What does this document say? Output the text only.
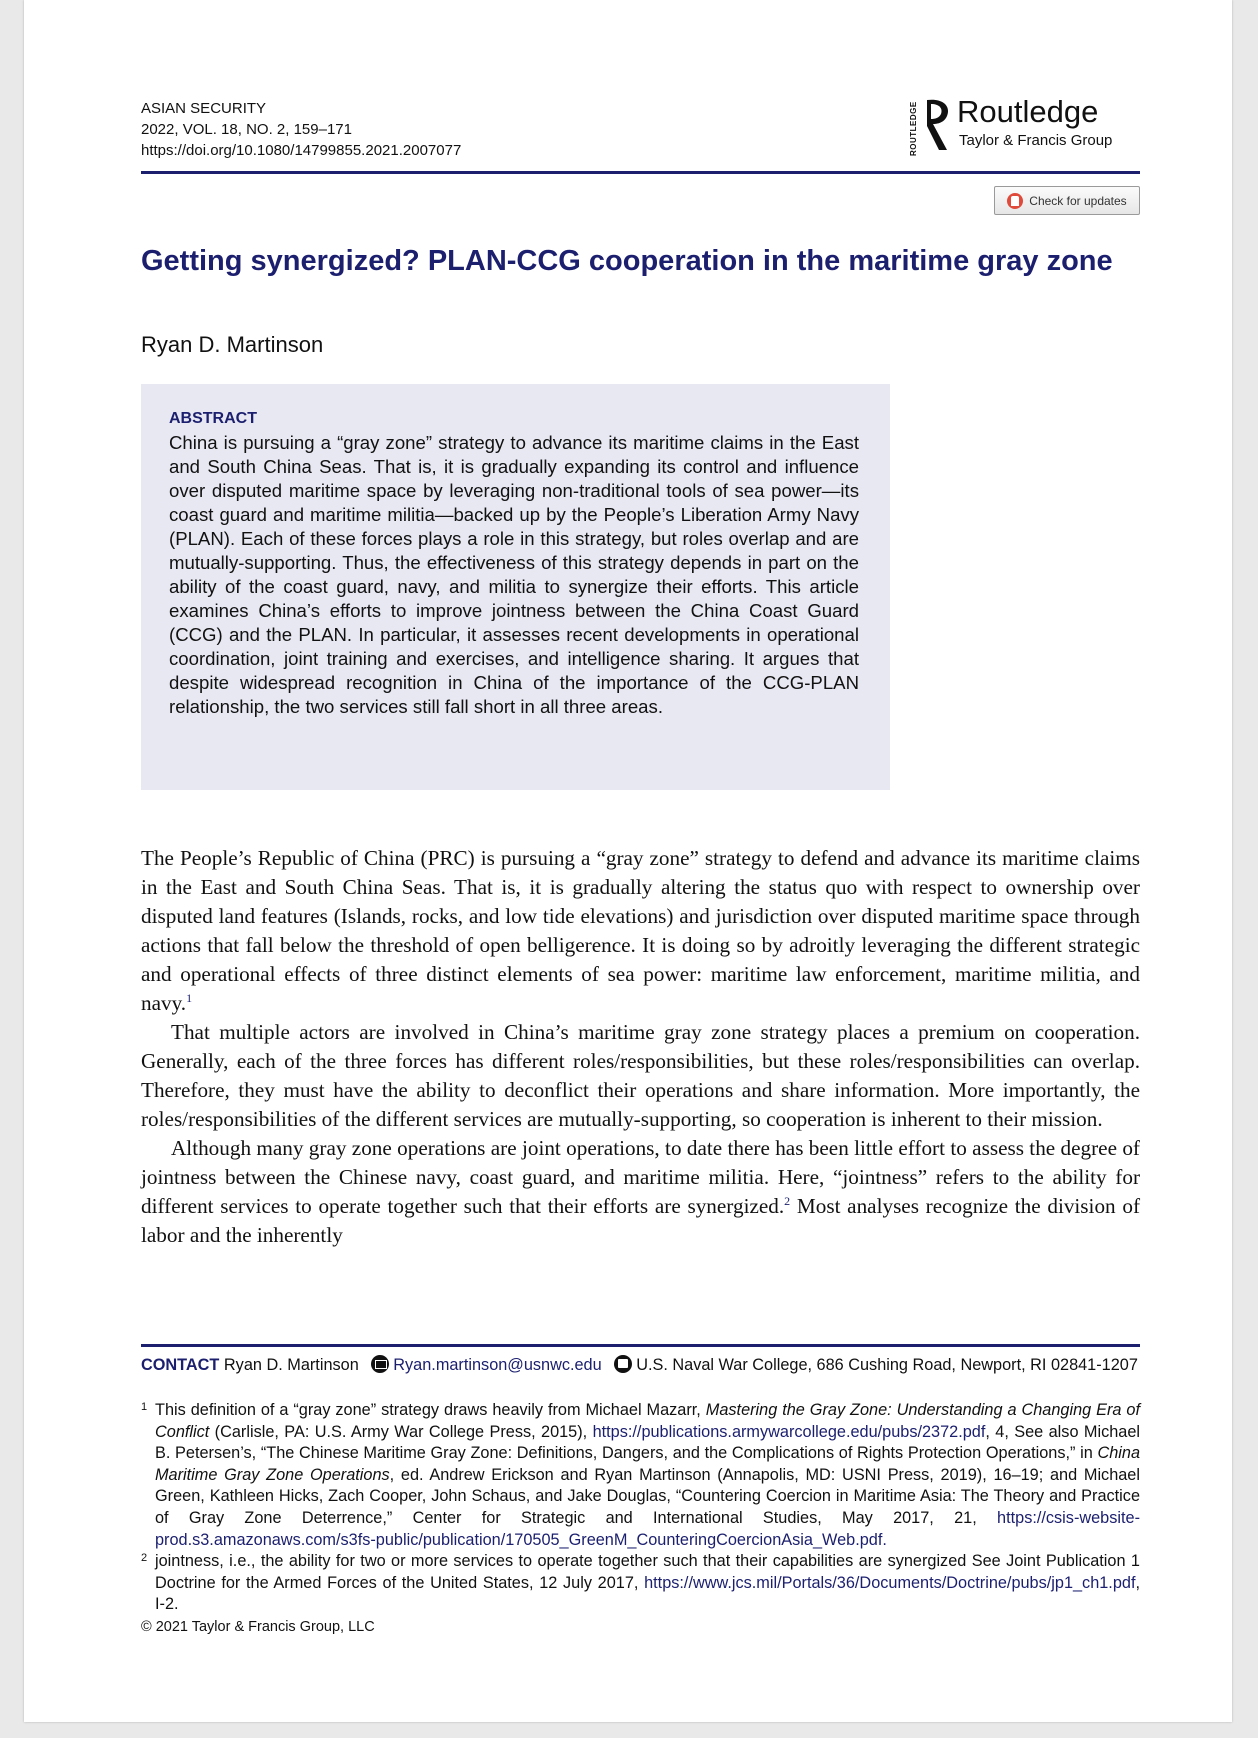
ASIAN SECURITY
2022, VOL. 18, NO. 2, 159–171
https://doi.org/10.1080/14799855.2021.2007077	ROUTLEDGE Routledge
Taylor & Francis Group
Check for updates
Getting synergized? PLAN-CCG cooperation in the maritime gray zone
Ryan D. Martinson
ABSTRACT

China is pursuing a “gray zone” strategy to advance its maritime claims in the East and South China Seas. That is, it is gradually expanding its control and influence over disputed maritime space by leveraging non-traditional tools of sea power—its coast guard and maritime militia—backed up by the People’s Liberation Army Navy (PLAN). Each of these forces plays a role in this strategy, but roles overlap and are mutually-supporting. Thus, the effectiveness of this strategy depends in part on the ability of the coast guard, navy, and militia to synergize their efforts. This article examines China’s efforts to improve jointness between the China Coast Guard (CCG) and the PLAN. In particular, it assesses recent developments in operational coordination, joint training and exercises, and intelligence sharing. It argues that despite widespread recognition in China of the importance of the CCG-PLAN relationship, the two services still fall short in all three areas.

The People’s Republic of China (PRC) is pursuing a “gray zone” strategy to defend and advance its maritime claims in the East and South China Seas. That is, it is gradually altering the status quo with respect to ownership over disputed land features (Islands, rocks, and low tide elevations) and jurisdiction over disputed maritime space through actions that fall below the threshold of open belligerence. It is doing so by adroitly leveraging the different strategic and operational effects of three distinct elements of sea power: maritime law enforcement, maritime militia, and navy.$^1$

That multiple actors are involved in China’s maritime gray zone strategy places a premium on cooperation. Generally, each of the three forces has different roles/responsibilities, but these roles/responsibilities can overlap. Therefore, they must have the ability to deconflict their operations and share information. More importantly, the roles/responsibilities of the different services are mutually-supporting, so cooperation is inherent to their mission.

Although many gray zone operations are joint operations, to date there has been little effort to assess the degree of jointness between the Chinese navy, coast guard, and maritime militia. Here, “jointness” refers to the ability for different services to operate together such that their efforts are synergized.$^2$ Most analyses recognize the division of labor and the inherently

CONTACT Ryan D. Martinson Ryan.martinson@usnwc.edu U.S. Naval War College, 686 Cushing Road, Newport, RI 02841-1207

1 This definition of a “gray zone” strategy draws heavily from Michael Mazarr, Mastering the Gray Zone: Understanding a Changing Era of Conflict (Carlisle, PA: U.S. Army War College Press, 2015), https://publications.armywarcollege.edu/pubs/2372.pdf, 4, See also Michael B. Petersen’s, “The Chinese Maritime Gray Zone: Definitions, Dangers, and the Complications of Rights Protection Operations,” in China Maritime Gray Zone Operations, ed. Andrew Erickson and Ryan Martinson (Annapolis, MD: USNI Press, 2019), 16–19; and Michael Green, Kathleen Hicks, Zach Cooper, John Schaus, and Jake Douglas, “Countering Coercion in Maritime Asia: The Theory and Practice of Gray Zone Deterrence,” Center for Strategic and International Studies, May 2017, 21, https://csis-website-prod.s3.amazonaws.com/s3fs-public/publication/170505_GreenM_CounteringCoercionAsia_Web.pdf.

2 jointness, i.e., the ability for two or more services to operate together such that their capabilities are synergized See Joint Publication 1 Doctrine for the Armed Forces of the United States, 12 July 2017, https://www.jcs.mil/Portals/36/Documents/Doctrine/pubs/jp1_ch1.pdf, I-2.

© 2021 Taylor & Francis Group, LLC
